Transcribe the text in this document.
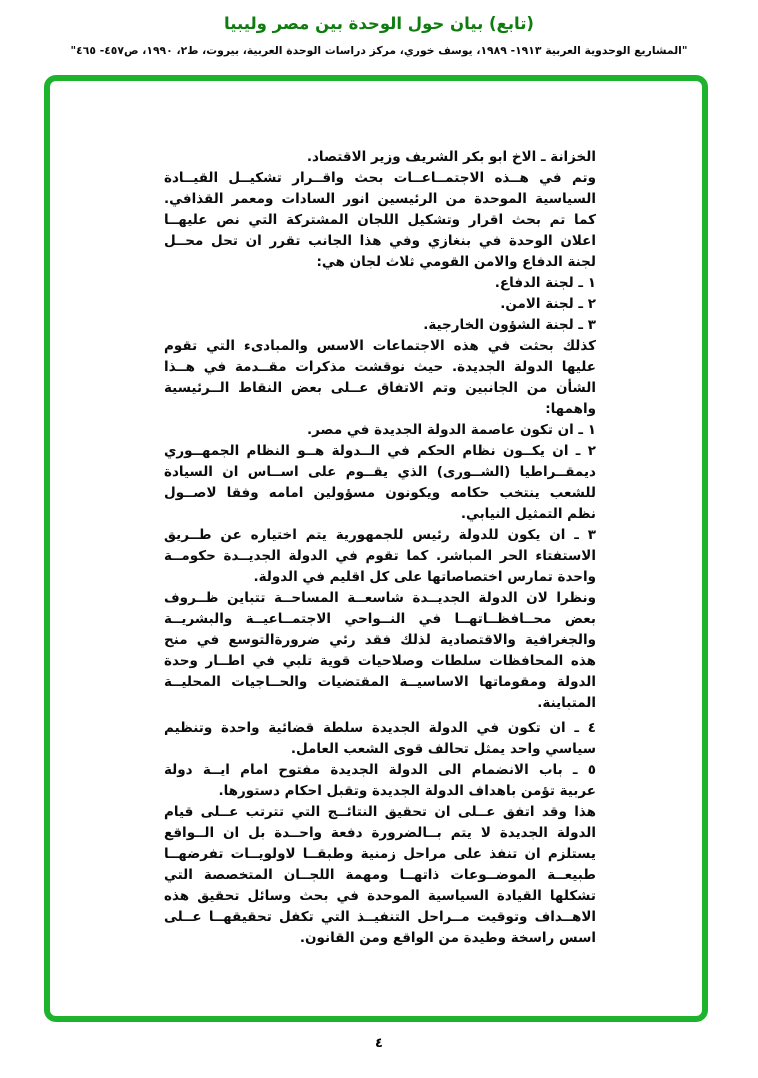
(تابع) بيان حول الوحدة بين مصر وليبيا
"المشاريع الوحدوية العربية ١٩١٣- ١٩٨٩، يوسف خوري، مركز دراسات الوحدة العربية، بيروت، ط٢، ١٩٩٠، ص٤٥٧- ٤٦٥"
الخزانة ـ الاخ ابو بكر الشريف وزير الاقتصاد.
وتم في هــذه الاجتمــاعــات بحث واقــرار تشكيــل القيــادة
السياسية الموحدة من الرئيسين انور السادات ومعمر القذافي.
كما تم بحث اقرار وتشكيل اللجان المشتركة التي نص عليهــا
اعلان الوحدة في بنغازي وفي هذا الجانب تقرر ان تحل محــل
لجنة الدفاع والامن القومي ثلاث لجان هي:
١ ـ لجنة الدفاع.
٢ ـ لجنة الامن.
٣ ـ لجنة الشؤون الخارجية.
كذلك بحثت في هذه الاجتماعات الاسس والمبادىء التي تقوم
عليها الدولة الجديدة. حيث نوقشت مذكرات مقــدمة في هــذا
الشأن من الجانبين وتم الاتفاق عــلى بعض النقاط الــرئيسية
واهمها:
١ ـ ان تكون عاصمة الدولة الجديدة في مصر.
٢ ـ ان يكــون نظام الحكم في الــدولة هــو النظام الجمهــوري
ديمقــراطيا (الشــورى) الذي يقــوم على اســاس ان السيادة
للشعب ينتخب حكامه ويكونون مسؤولين امامه وفقا لاصــول
نظم التمثيل النيابي.
٣ ـ ان يكون للدولة رئيس للجمهورية يتم اختياره عن طــريق
الاستفتاء الحر المباشر. كما تقوم في الدولة الجديــدة حكومــة
واحدة تمارس اختصاصاتها على كل اقليم في الدولة.
ونظرا لان الدولة الجديــدة شاسعــة المساحــة تتباين ظــروف
بعض محــافظــاتهــا في النــواحي الاجتمــاعيــة والبشريــة
والجغرافية والاقتصادية لذلك فقد رئي ضرورةالتوسع في منح
هذه المحافظات سلطات وصلاحيات قوية تلبي في اطــار وحدة
الدولة ومقوماتها الاساسيــة المقتضيات والحــاجيات المحليــة
المتباينة.
٤ ـ ان تكون في الدولة الجديدة سلطة قضائية واحدة وتنظيم
سياسي واحد يمثل تحالف قوى الشعب العامل.
٥ ـ باب الانضمام الى الدولة الجديدة مفتوح امام ايــة دولة
عربية تؤمن باهداف الدولة الجديدة وتقبل احكام دستورها.
هذا وقد اتفق عــلى ان تحقيق النتائــج التي تترتب عــلى قيام
الدولة الجديدة لا يتم بــالضرورة دفعة واحــدة بل ان الــواقع
يستلزم ان تنفذ على مراحل زمنية وطبقــا لاولويــات تفرضهــا
طبيعــة الموضــوعات ذاتهــا ومهمة اللجــان المتخصصة التي
تشكلها القيادة السياسية الموحدة في بحث وسائل تحقيق هذه
الاهــداف وتوقيت مــراحل التنفيــذ التي تكفل تحقيقهــا عــلى
اسس راسخة وطيدة من الواقع ومن القانون.
٤
